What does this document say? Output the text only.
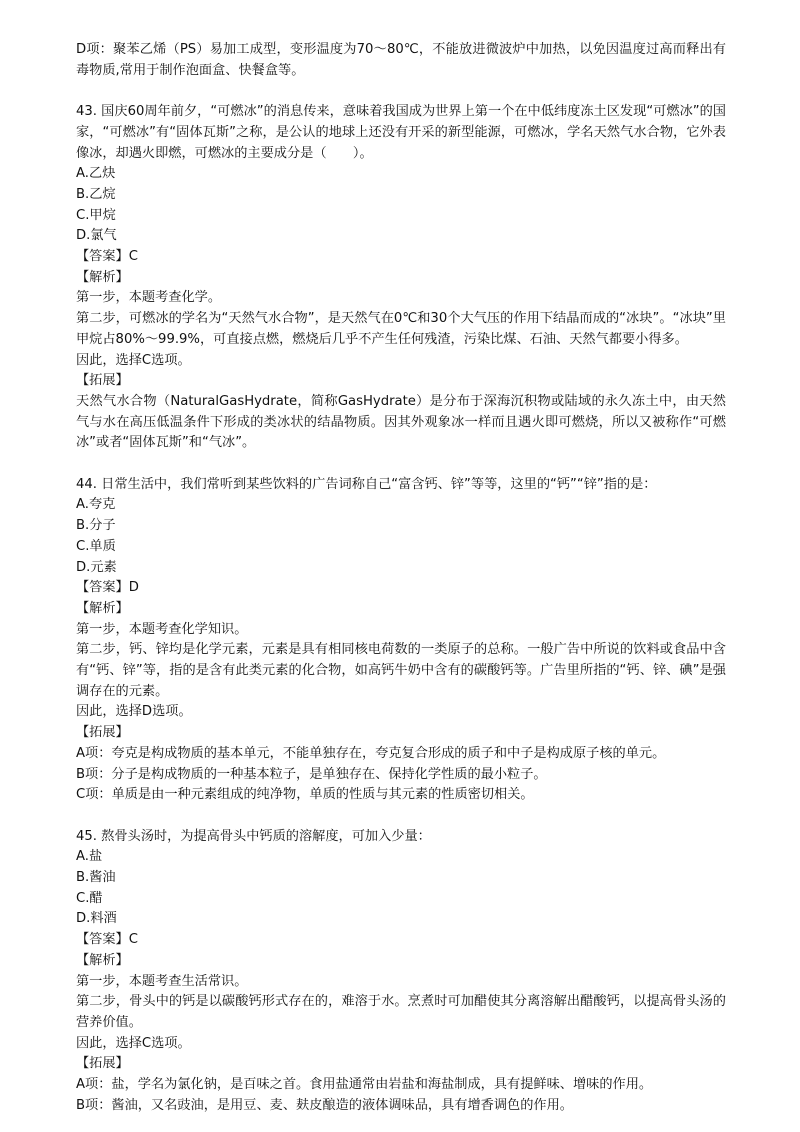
D项：聚苯乙烯（PS）易加工成型，变形温度为70～80℃，不能放进微波炉中加热，以免因温度过高而释出有毒物质,常用于制作泡面盒、快餐盒等。

43. 国庆60周年前夕，“可燃冰”的消息传来，意味着我国成为世界上第一个在中低纬度冻土区发现“可燃冰”的国家，“可燃冰”有“固体瓦斯”之称，是公认的地球上还没有开采的新型能源，可燃冰，学名天然气水合物，它外表像冰，却遇火即燃，可燃冰的主要成分是（　　）。

A.乙炔

B.乙烷

C.甲烷

D.氯气

【答案】C

【解析】

第一步，本题考查化学。

第二步，可燃冰的学名为“天然气水合物”，是天然气在0℃和30个大气压的作用下结晶而成的“冰块”。“冰块”里甲烷占80%～99.9%，可直接点燃，燃烧后几乎不产生任何残渣，污染比煤、石油、天然气都要小得多。

因此，选择C选项。

【拓展】

天然气水合物（NaturalGasHydrate，简称GasHydrate）是分布于深海沉积物或陆域的永久冻土中，由天然气与水在高压低温条件下形成的类冰状的结晶物质。因其外观象冰一样而且遇火即可燃烧，所以又被称作“可燃冰”或者“固体瓦斯”和“气冰”。

44. 日常生活中，我们常听到某些饮料的广告词称自己“富含钙、锌”等等，这里的“钙”“锌”指的是：

A.夸克

B.分子

C.单质

D.元素

【答案】D

【解析】

第一步，本题考查化学知识。

第二步，钙、锌均是化学元素，元素是具有相同核电荷数的一类原子的总称。一般广告中所说的饮料或食品中含有“钙、锌”等，指的是含有此类元素的化合物，如高钙牛奶中含有的碳酸钙等。广告里所指的“钙、锌、碘”是强调存在的元素。

因此，选择D选项。

【拓展】

A项：夸克是构成物质的基本单元，不能单独存在，夸克复合形成的质子和中子是构成原子核的单元。

B项：分子是构成物质的一种基本粒子，是单独存在、保持化学性质的最小粒子。

C项：单质是由一种元素组成的纯净物，单质的性质与其元素的性质密切相关。

45. 熬骨头汤时，为提高骨头中钙质的溶解度，可加入少量：

A.盐

B.酱油

C.醋

D.料酒

【答案】C

【解析】

第一步，本题考查生活常识。

第二步，骨头中的钙是以碳酸钙形式存在的，难溶于水。烹煮时可加醋使其分离溶解出醋酸钙，以提高骨头汤的营养价值。

因此，选择C选项。

【拓展】

A项：盐，学名为氯化钠，是百味之首。食用盐通常由岩盐和海盐制成，具有提鲜味、增味的作用。

B项：酱油，又名豉油，是用豆、麦、麸皮酿造的液体调味品，具有增香调色的作用。
